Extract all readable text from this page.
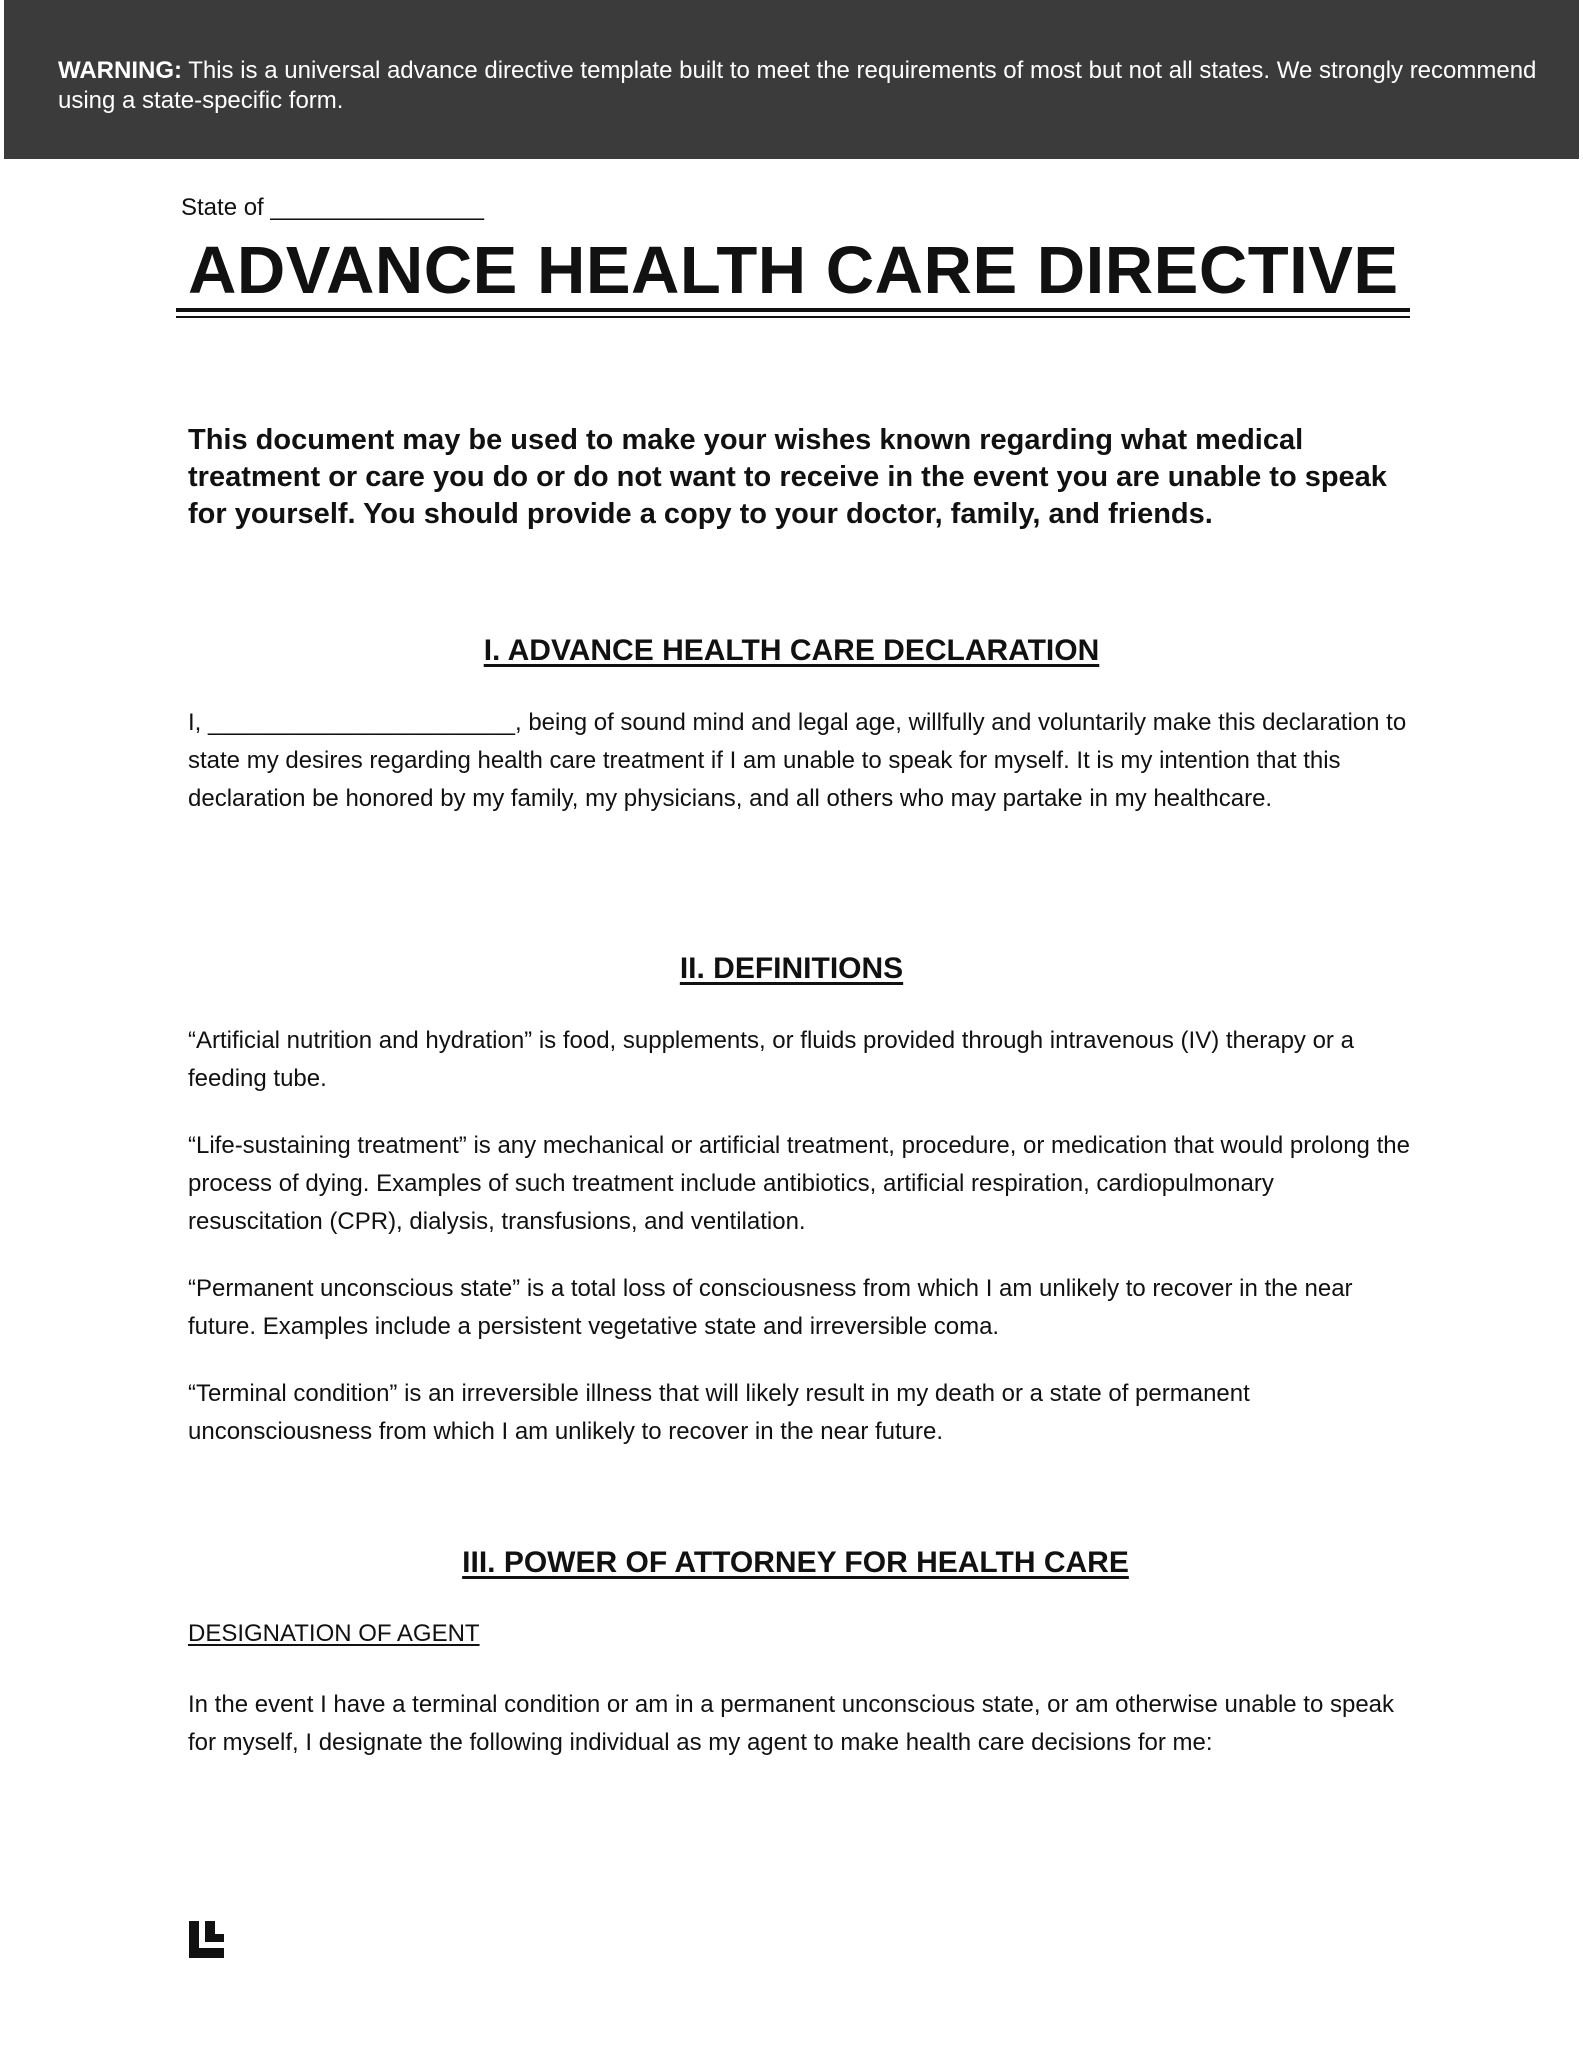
WARNING: This is a universal advance directive template built to meet the requirements of most but not all states. We strongly recommend using a state-specific form.
State of ________________
ADVANCE HEALTH CARE DIRECTIVE

This document may be used to make your wishes known regarding what medical treatment or care you do or do not want to receive in the event you are unable to speak for yourself. You should provide a copy to your doctor, family, and friends.

I. ADVANCE HEALTH CARE DECLARATION

I, _______________________, being of sound mind and legal age, willfully and voluntarily make this declaration to state my desires regarding health care treatment if I am unable to speak for myself. It is my intention that this declaration be honored by my family, my physicians, and all others who may partake in my healthcare.

II. DEFINITIONS

“Artificial nutrition and hydration” is food, supplements, or fluids provided through intravenous (IV) therapy or a feeding tube.

“Life-sustaining treatment” is any mechanical or artificial treatment, procedure, or medication that would prolong the process of dying. Examples of such treatment include antibiotics, artificial respiration, cardiopulmonary resuscitation (CPR), dialysis, transfusions, and ventilation.

“Permanent unconscious state” is a total loss of consciousness from which I am unlikely to recover in the near future. Examples include a persistent vegetative state and irreversible coma.

“Terminal condition” is an irreversible illness that will likely result in my death or a state of permanent unconsciousness from which I am unlikely to recover in the near future.

III. POWER OF ATTORNEY FOR HEALTH CARE
DESIGNATION OF AGENT

In the event I have a terminal condition or am in a permanent unconscious state, or am otherwise unable to speak for myself, I designate the following individual as my agent to make health care decisions for me:
